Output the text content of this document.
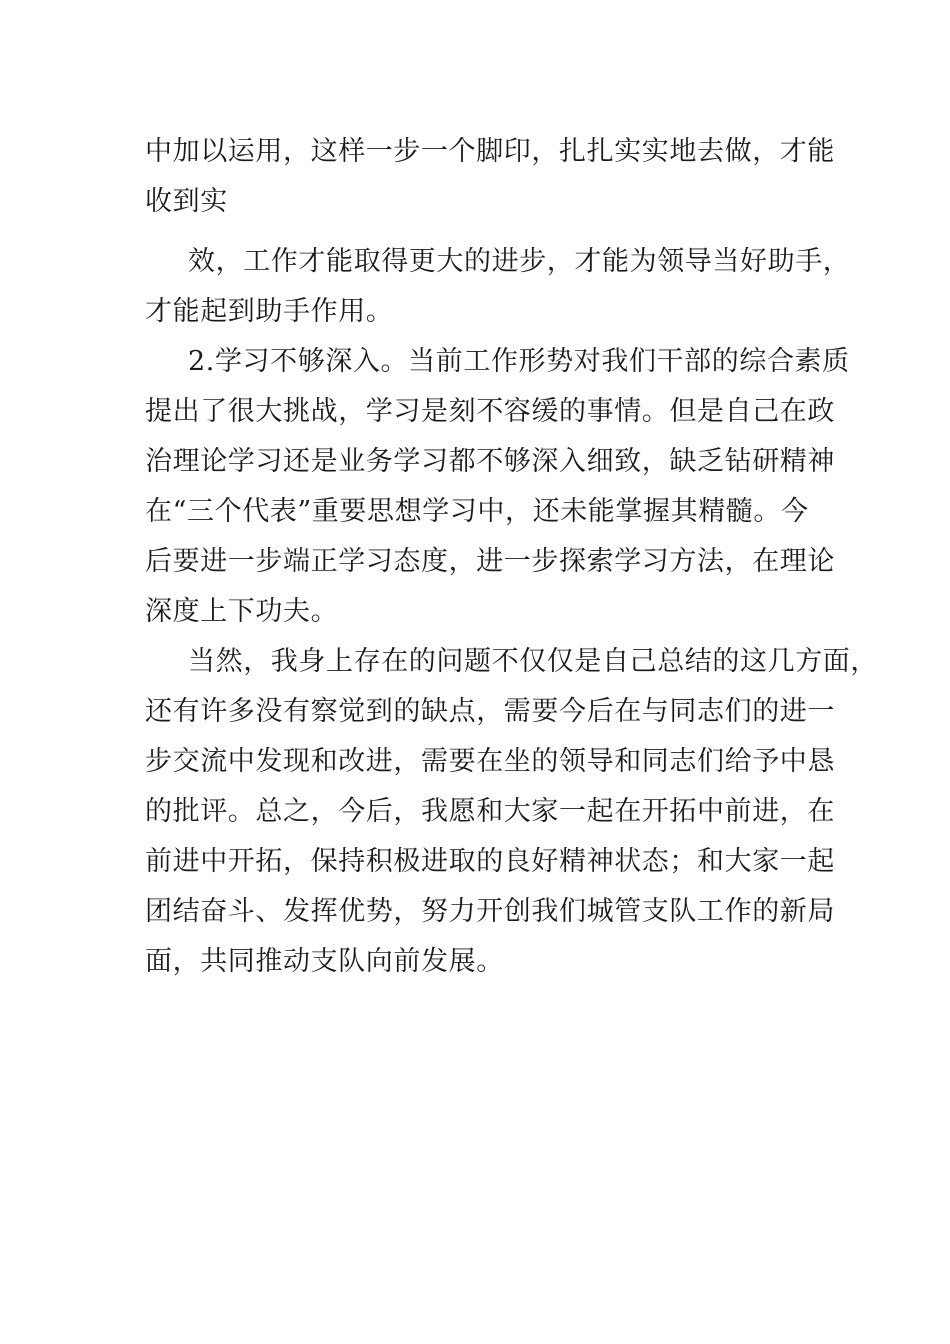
中加以运用，这样一步一个脚印，扎扎实实地去做，才能
收到实
效，工作才能取得更大的进步，才能为领导当好助手，
才能起到助手作用。
2.学习不够深入。当前工作形势对我们干部的综合素质
提出了很大挑战，学习是刻不容缓的事情。但是自己在政
治理论学习还是业务学习都不够深入细致，缺乏钻研精神
在“三个代表”重要思想学习中，还未能掌握其精髓。今
后要进一步端正学习态度，进一步探索学习方法，在理论
深度上下功夫。
当然，我身上存在的问题不仅仅是自己总结的这几方面，
还有许多没有察觉到的缺点，需要今后在与同志们的进一
步交流中发现和改进，需要在坐的领导和同志们给予中恳
的批评。总之，今后，我愿和大家一起在开拓中前进，在
前进中开拓，保持积极进取的良好精神状态；和大家一起
团结奋斗、发挥优势，努力开创我们城管支队工作的新局
面，共同推动支队向前发展。
